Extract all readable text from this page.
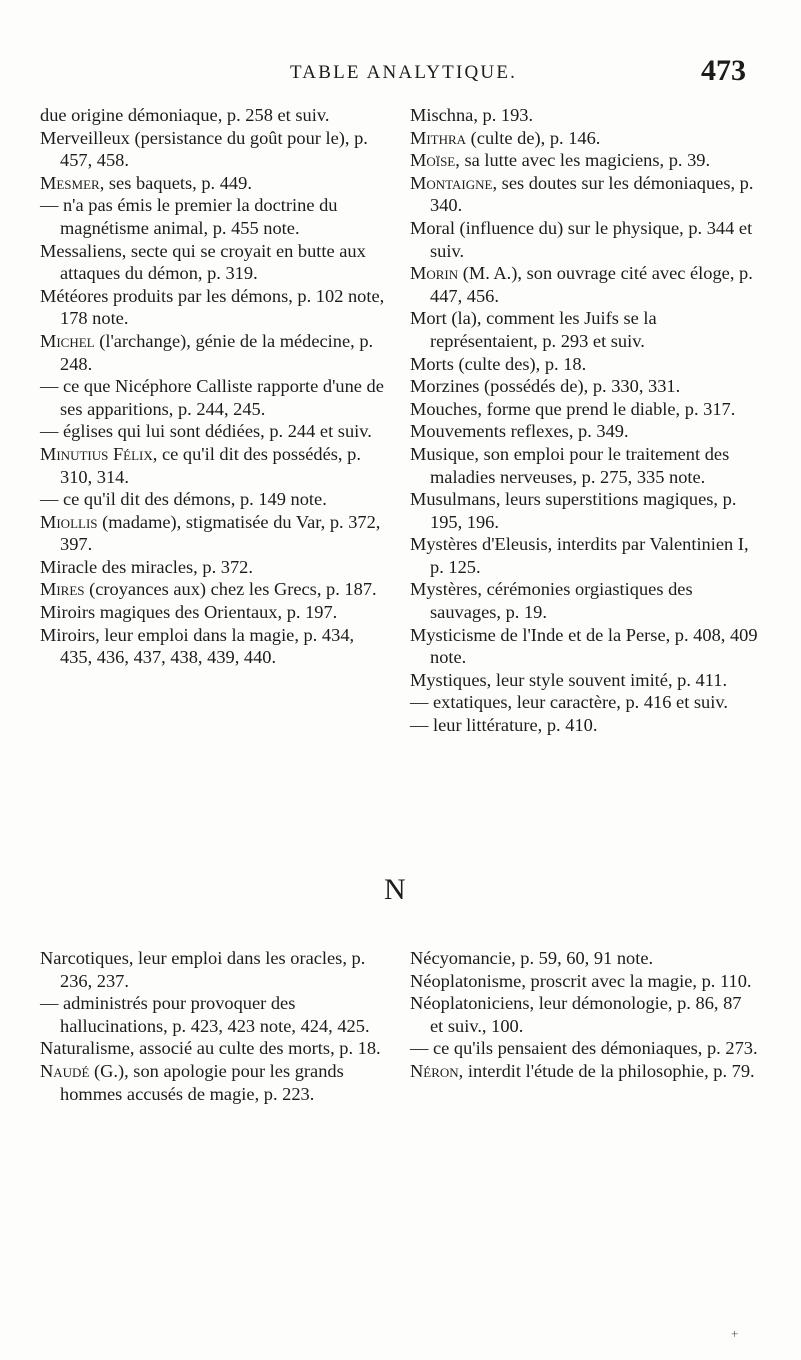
TABLE ANALYTIQUE.	473
due origine démoniaque, p. 258 et suiv.
Merveilleux (persistance du goût pour le), p. 457, 458.
Mesmer, ses baquets, p. 449.
— n'a pas émis le premier la doctrine du magnétisme animal, p. 455 note.
Messaliens, secte qui se croyait en butte aux attaques du démon, p. 319.
Météores produits par les démons, p. 102 note, 178 note.
Michel (l'archange), génie de la médecine, p. 248.
— ce que Nicéphore Calliste rapporte d'une de ses apparitions, p. 244, 245.
— églises qui lui sont dédiées, p. 244 et suiv.
Minutius Félix, ce qu'il dit des possédés, p. 310, 314.
— ce qu'il dit des démons, p. 149 note.
Miollis (madame), stigmatisée du Var, p. 372, 397.
Miracle des miracles, p. 372.
Mires (croyances aux) chez les Grecs, p. 187.
Miroirs magiques des Orientaux, p. 197.
Miroirs, leur emploi dans la magie, p. 434, 435, 436, 437, 438, 439, 440.
Mischna, p. 193.
Mithra (culte de), p. 146.
Moïse, sa lutte avec les magiciens, p. 39.
Montaigne, ses doutes sur les démoniaques, p. 340.
Moral (influence du) sur le physique, p. 344 et suiv.
Morin (M. A.), son ouvrage cité avec éloge, p. 447, 456.
Mort (la), comment les Juifs se la représentaient, p. 293 et suiv.
Morts (culte des), p. 18.
Morzines (possédés de), p. 330, 331.
Mouches, forme que prend le diable, p. 317.
Mouvements reflexes, p. 349.
Musique, son emploi pour le traitement des maladies nerveuses, p. 275, 335 note.
Musulmans, leurs superstitions magiques, p. 195, 196.
Mystères d'Eleusis, interdits par Valentinien I, p. 125.
Mystères, cérémonies orgiastiques des sauvages, p. 19.
Mysticisme de l'Inde et de la Perse, p. 408, 409 note.
Mystiques, leur style souvent imité, p. 411.
— extatiques, leur caractère, p. 416 et suiv.
— leur littérature, p. 410.
N
Narcotiques, leur emploi dans les oracles, p. 236, 237.
— administrés pour provoquer des hallucinations, p. 423, 423 note, 424, 425.
Naturalisme, associé au culte des morts, p. 18.
Naudé (G.), son apologie pour les grands hommes accusés de magie, p. 223.
Nécyomancie, p. 59, 60, 91 note.
Néoplatonisme, proscrit avec la magie, p. 110.
Néoplatoniciens, leur démonologie, p. 86, 87 et suiv., 100.
— ce qu'ils pensaient des démoniaques, p. 273.
Néron, interdit l'étude de la philosophie, p. 79.
+
